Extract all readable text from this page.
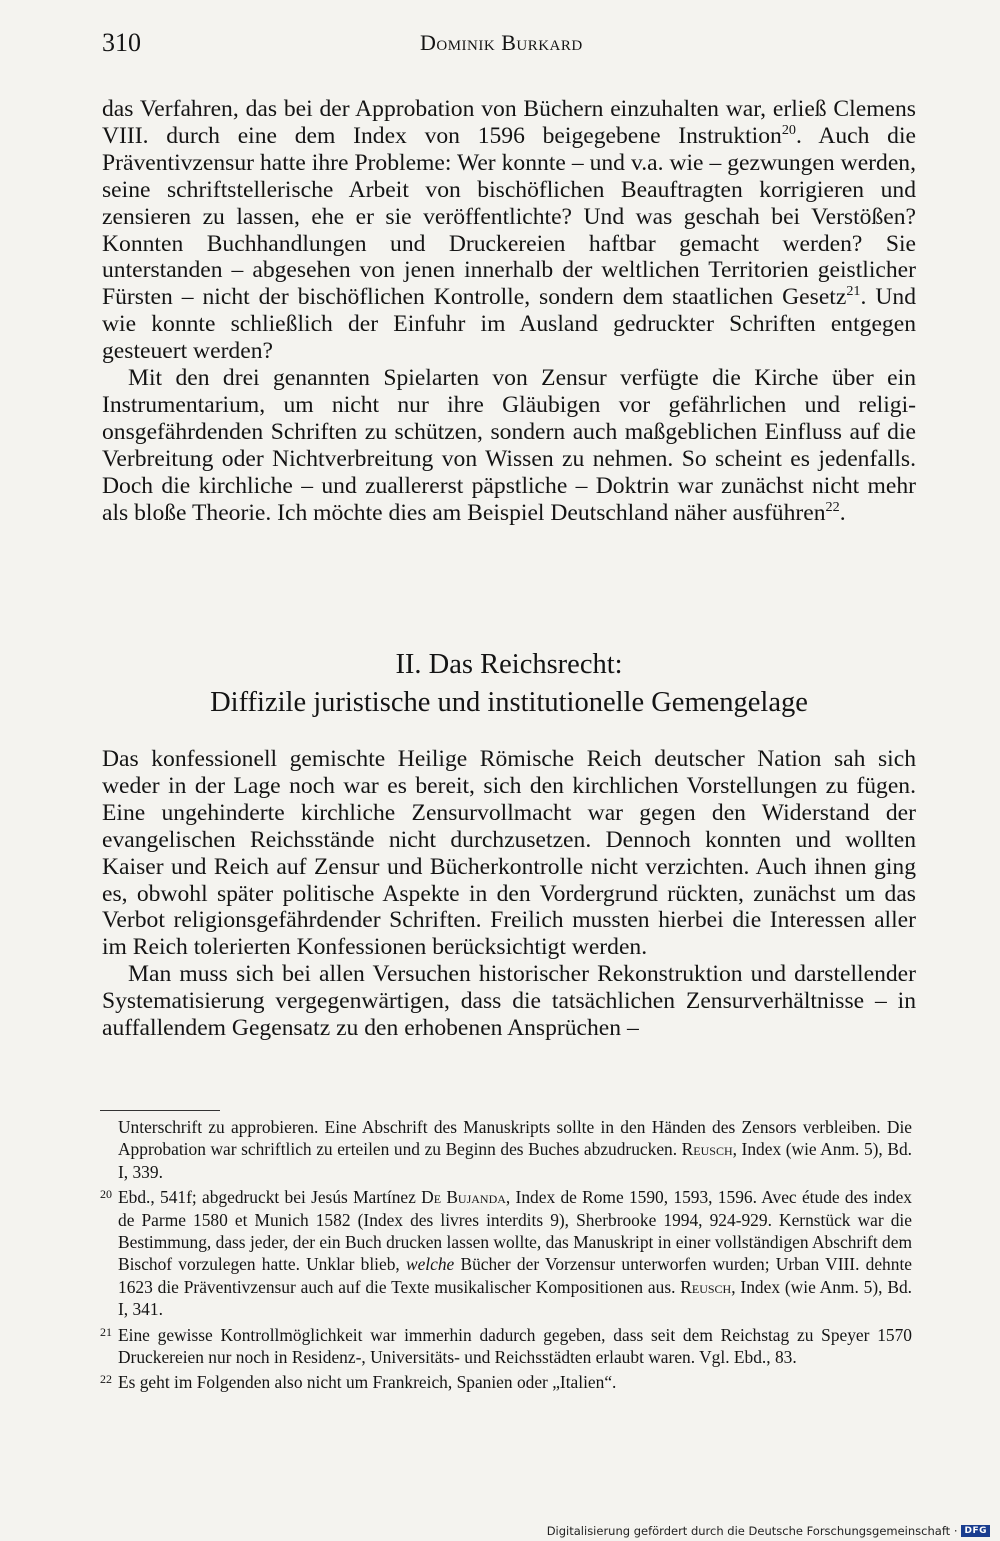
310	Dominik Burkard

das Verfahren, das bei der Approbation von Büchern einzuhalten war, erließ Clemens VIII. durch eine dem Index von 1596 beigegebene Instruktion$^{20}$. Auch die Präventivzensur hatte ihre Probleme: Wer konnte – und v.a. wie – gezwungen werden, seine schriftstellerische Arbeit von bischöflichen Beauftragten korrigieren und zensieren zu lassen, ehe er sie veröffentlichte? Und was geschah bei Verstößen? Konnten Buchhandlungen und Druckereien haftbar gemacht werden? Sie unterstanden – abgesehen von jenen innerhalb der weltlichen Territorien geistlicher Fürsten – nicht der bischöflichen Kontrolle, sondern dem staatlichen Gesetz$^{21}$. Und wie konnte schließlich der Einfuhr im Ausland gedruckter Schriften entgegen gesteuert werden?

Mit den drei genannten Spielarten von Zensur verfügte die Kirche über ein Instrumentarium, um nicht nur ihre Gläubigen vor gefährlichen und religionsgefährdenden Schriften zu schützen, sondern auch maßgeblichen Einfluss auf die Verbreitung oder Nichtverbreitung von Wissen zu nehmen. So scheint es jedenfalls. Doch die kirchliche – und zuallererst päpstliche – Doktrin war zunächst nicht mehr als bloße Theorie. Ich möchte dies am Beispiel Deutschland näher ausführen$^{22}$.

II. Das Reichsrecht:
Diffizile juristische und institutionelle Gemengelage

Das konfessionell gemischte Heilige Römische Reich deutscher Nation sah sich weder in der Lage noch war es bereit, sich den kirchlichen Vorstellungen zu fügen. Eine ungehinderte kirchliche Zensurvollmacht war gegen den Widerstand der evangelischen Reichsstände nicht durchzusetzen. Dennoch konnten und wollten Kaiser und Reich auf Zensur und Bücherkontrolle nicht verzichten. Auch ihnen ging es, obwohl später politische Aspekte in den Vordergrund rückten, zunächst um das Verbot religionsgefährdender Schriften. Freilich mussten hierbei die Interessen aller im Reich tolerierten Konfessionen berücksichtigt werden.

Man muss sich bei allen Versuchen historischer Rekonstruktion und darstellender Systematisierung vergegenwärtigen, dass die tatsächlichen Zensurverhältnisse – in auffallendem Gegensatz zu den erhobenen Ansprüchen –

Unterschrift zu approbieren. Eine Abschrift des Manuskripts sollte in den Händen des Zensors verbleiben. Die Approbation war schriftlich zu erteilen und zu Beginn des Buches abzudrucken. Reusch, Index (wie Anm. 5), Bd. I, 339.

20 Ebd., 541f; abgedruckt bei Jesús Martínez De Bujanda, Index de Rome 1590, 1593, 1596. Avec étude des index de Parme 1580 et Munich 1582 (Index des livres interdits 9), Sherbrooke 1994, 924-929. Kernstück war die Bestimmung, dass jeder, der ein Buch drucken lassen wollte, das Manuskript in einer vollständigen Abschrift dem Bischof vorzulegen hatte. Unklar blieb, welche Bücher der Vorzensur unterworfen wurden; Urban VIII. dehnte 1623 die Präventivzensur auch auf die Texte musikalischer Kompositionen aus. Reusch, Index (wie Anm. 5), Bd. I, 341.

21 Eine gewisse Kontrollmöglichkeit war immerhin dadurch gegeben, dass seit dem Reichstag zu Speyer 1570 Druckereien nur noch in Residenz-, Universitäts- und Reichsstädten erlaubt waren. Vgl. Ebd., 83.

22 Es geht im Folgenden also nicht um Frankreich, Spanien oder „Italien“.

Digitalisierung gefördert durch die Deutsche Forschungsgemeinschaft · DFG
